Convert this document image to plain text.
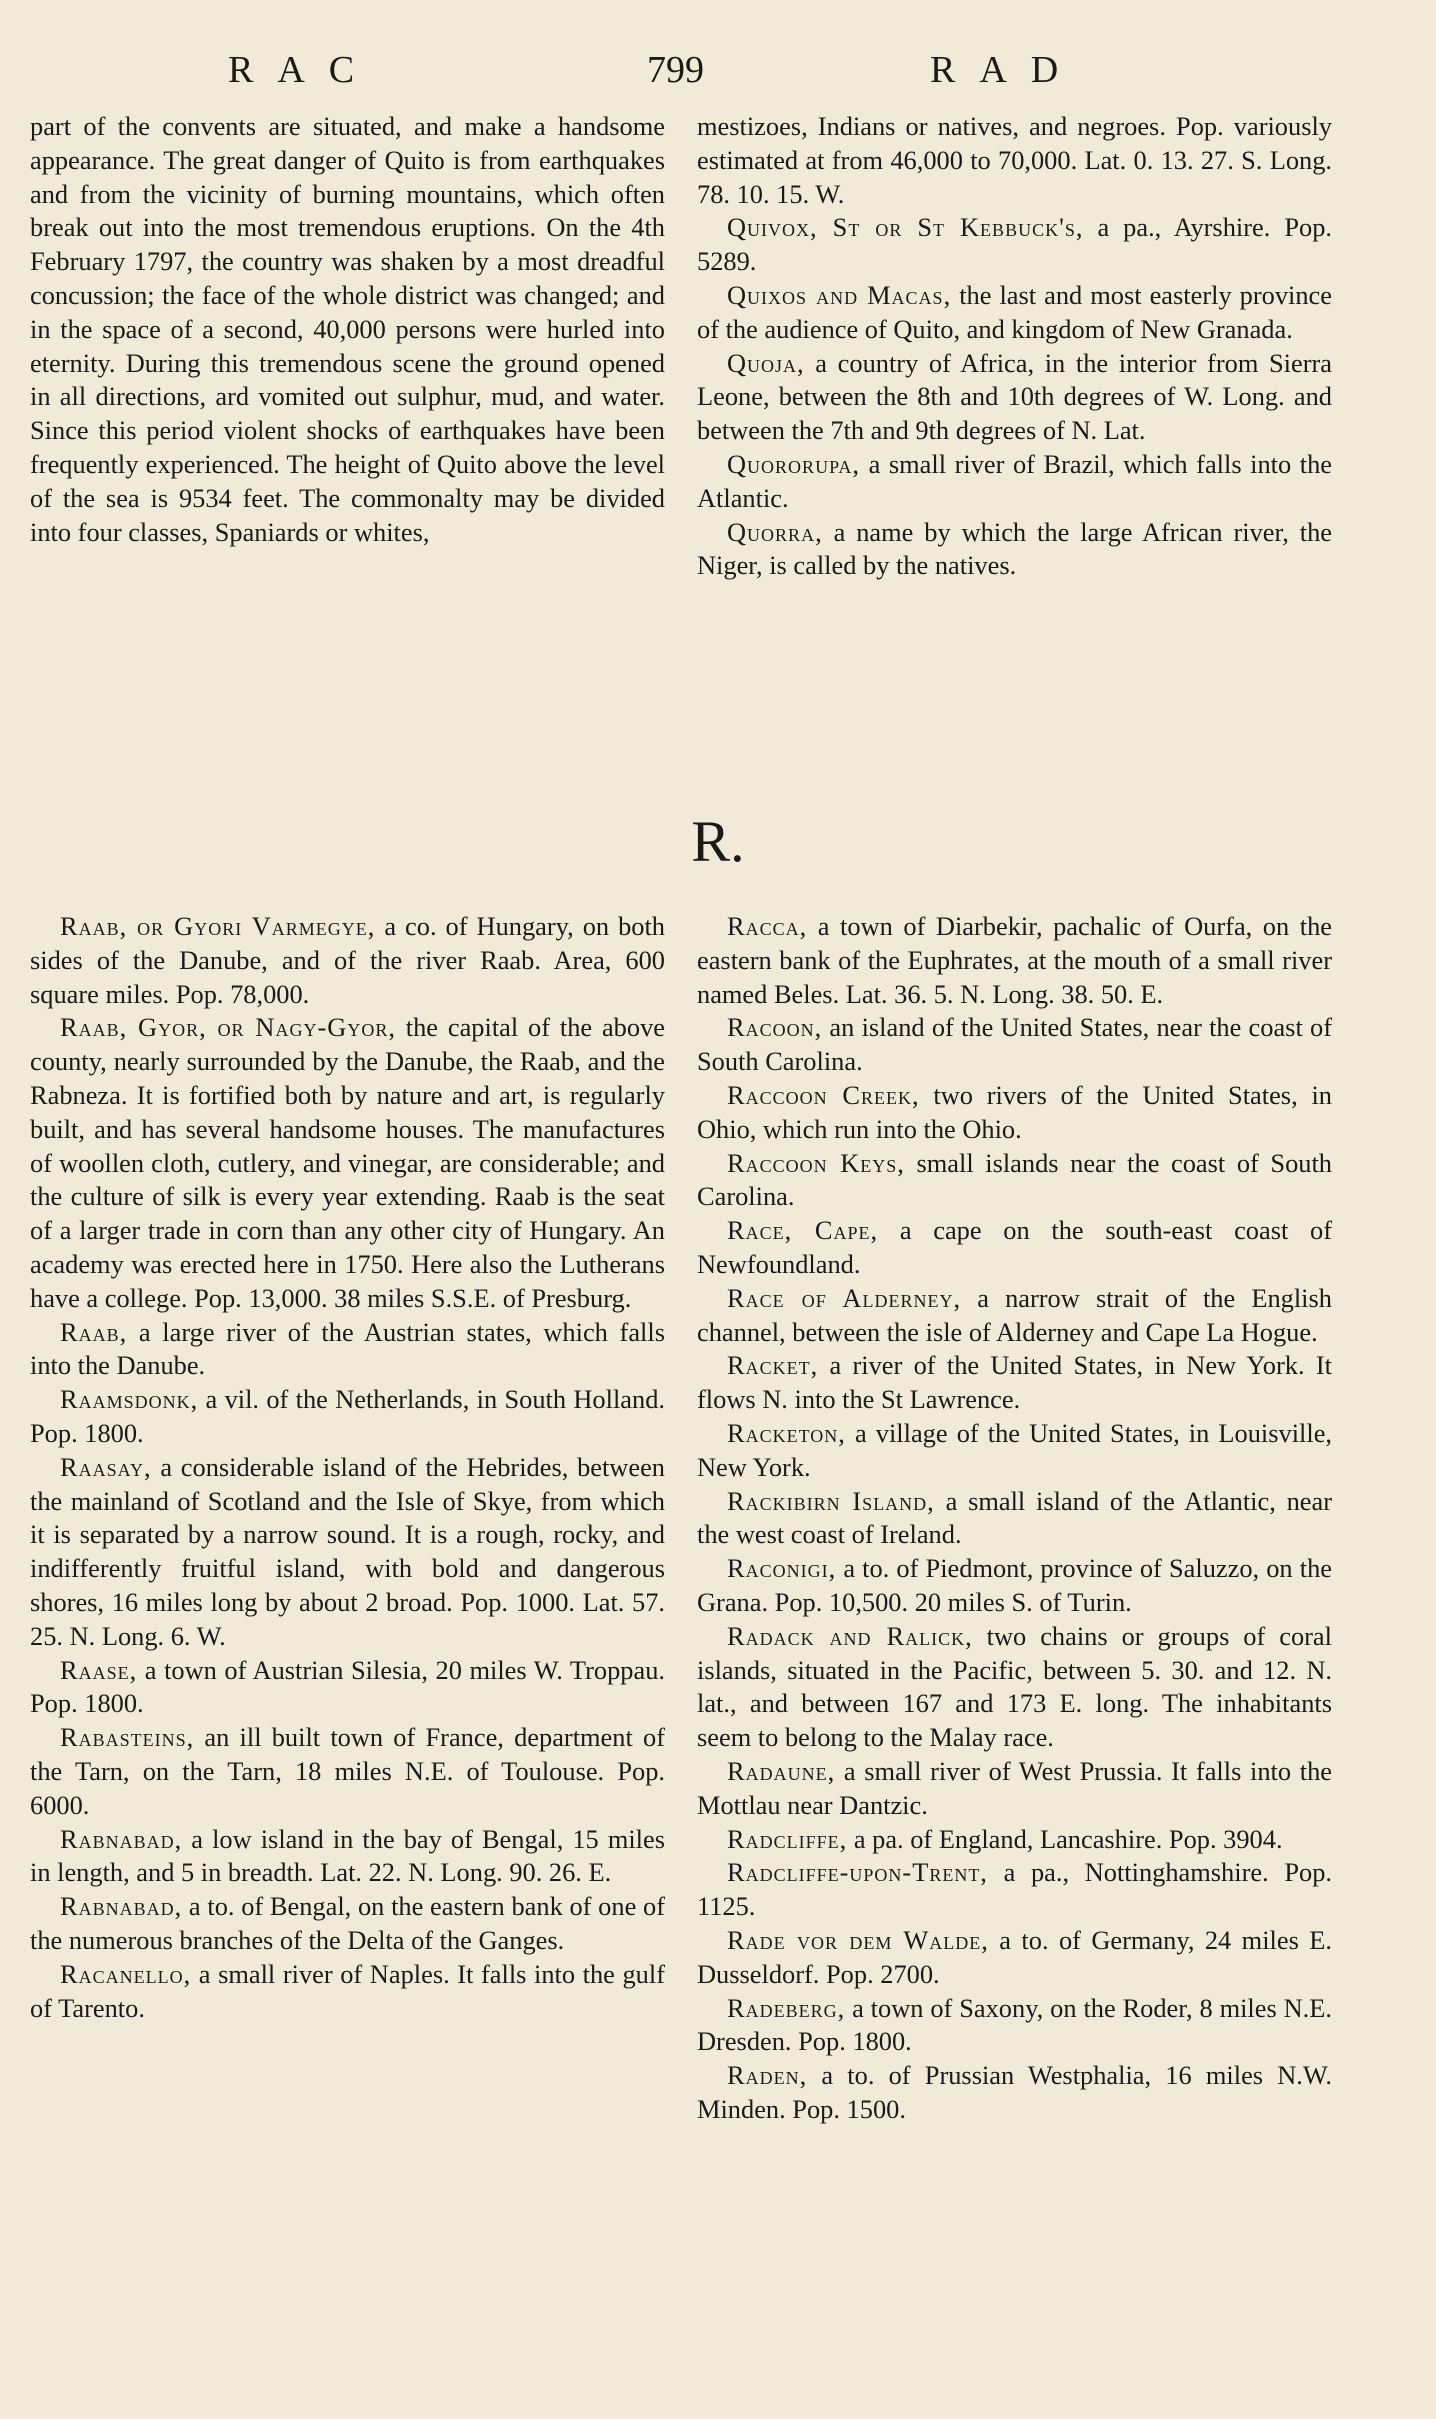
RAC	799	RAD

part of the convents are situated, and make a handsome appearance. The great danger of Quito is from earthquakes and from the vicinity of burning mountains, which often break out into the most tremendous eruptions. On the 4th February 1797, the country was shaken by a most dreadful concussion; the face of the whole district was changed; and in the space of a second, 40,000 persons were hurled into eternity. During this tremendous scene the ground opened in all directions, ard vomited out sulphur, mud, and water. Since this period violent shocks of earthquakes have been frequently experienced. The height of Quito above the level of the sea is 9534 feet. The commonalty may be divided into four classes, Spaniards or whites,

mestizoes, Indians or natives, and negroes. Pop. variously estimated at from 46,000 to 70,000. Lat. 0. 13. 27. S. Long. 78. 10. 15. W.

Quivox, St or St Kebbuck's, a pa., Ayrshire. Pop. 5289.

Quixos and Macas, the last and most easterly province of the audience of Quito, and kingdom of New Granada.

Quoja, a country of Africa, in the interior from Sierra Leone, between the 8th and 10th degrees of W. Long. and between the 7th and 9th degrees of N. Lat.

Quororupa, a small river of Brazil, which falls into the Atlantic.

Quorra, a name by which the large African river, the Niger, is called by the natives.

R.

Raab, or Gyori Varmegye, a co. of Hungary, on both sides of the Danube, and of the river Raab. Area, 600 square miles. Pop. 78,000.

Raab, Gyor, or Nagy-Gyor, the capital of the above county, nearly surrounded by the Danube, the Raab, and the Rabneza. It is fortified both by nature and art, is regularly built, and has several handsome houses. The manufactures of woollen cloth, cutlery, and vinegar, are considerable; and the culture of silk is every year extending. Raab is the seat of a larger trade in corn than any other city of Hungary. An academy was erected here in 1750. Here also the Lutherans have a college. Pop. 13,000. 38 miles S.S.E. of Presburg.

Raab, a large river of the Austrian states, which falls into the Danube.

Raamsdonk, a vil. of the Netherlands, in South Holland. Pop. 1800.

Raasay, a considerable island of the Hebrides, between the mainland of Scotland and the Isle of Skye, from which it is separated by a narrow sound. It is a rough, rocky, and indifferently fruitful island, with bold and dangerous shores, 16 miles long by about 2 broad. Pop. 1000. Lat. 57. 25. N. Long. 6. W.

Raase, a town of Austrian Silesia, 20 miles W. Troppau. Pop. 1800.

Rabasteins, an ill built town of France, department of the Tarn, on the Tarn, 18 miles N.E. of Toulouse. Pop. 6000.

Rabnabad, a low island in the bay of Bengal, 15 miles in length, and 5 in breadth. Lat. 22. N. Long. 90. 26. E.

Rabnabad, a to. of Bengal, on the eastern bank of one of the numerous branches of the Delta of the Ganges.

Racanello, a small river of Naples. It falls into the gulf of Tarento.

Racca, a town of Diarbekir, pachalic of Ourfa, on the eastern bank of the Euphrates, at the mouth of a small river named Beles. Lat. 36. 5. N. Long. 38. 50. E.

Racoon, an island of the United States, near the coast of South Carolina.

Raccoon Creek, two rivers of the United States, in Ohio, which run into the Ohio.

Raccoon Keys, small islands near the coast of South Carolina.

Race, Cape, a cape on the south-east coast of Newfoundland.

Race of Alderney, a narrow strait of the English channel, between the isle of Alderney and Cape La Hogue.

Racket, a river of the United States, in New York. It flows N. into the St Lawrence.

Racketon, a village of the United States, in Louisville, New York.

Rackibirn Island, a small island of the Atlantic, near the west coast of Ireland.

Raconigi, a to. of Piedmont, province of Saluzzo, on the Grana. Pop. 10,500. 20 miles S. of Turin.

Radack and Ralick, two chains or groups of coral islands, situated in the Pacific, between 5. 30. and 12. N. lat., and between 167 and 173 E. long. The inhabitants seem to belong to the Malay race.

Radaune, a small river of West Prussia. It falls into the Mottlau near Dantzic.

Radcliffe, a pa. of England, Lancashire. Pop. 3904.

Radcliffe-upon-Trent, a pa., Nottinghamshire. Pop. 1125.

Rade vor dem Walde, a to. of Germany, 24 miles E. Dusseldorf. Pop. 2700.

Radeberg, a town of Saxony, on the Roder, 8 miles N.E. Dresden. Pop. 1800.

Raden, a to. of Prussian Westphalia, 16 miles N.W. Minden. Pop. 1500.
